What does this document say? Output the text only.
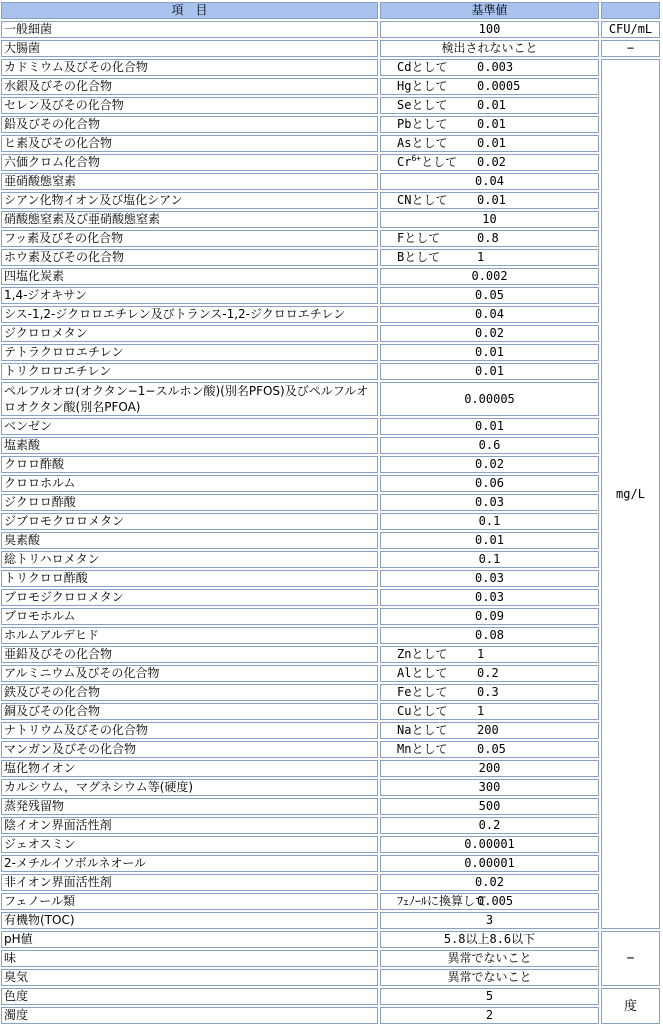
項　目	基準値	
一般細菌	100	CFU/mL
大腸菌	検出されないこと	−
カドミウム及びその化合物	Cdとして 0.003	mg/L
水銀及びその化合物	Hgとして 0.0005	
セレン及びその化合物	Seとして 0.01	
鉛及びその化合物	Pbとして 0.01	
ヒ素及びその化合物	Asとして 0.01	
六価クロム化合物	$Cr^{6+}$として 0.02	
亜硝酸態窒素	0.04	
シアン化物イオン及び塩化シアン	CNとして 0.01	
硝酸態窒素及び亜硝酸態窒素	10	
フッ素及びその化合物	Fとして 0.8	
ホウ素及びその化合物	Bとして 1	
四塩化炭素	0.002	
1,4-ジオキサン	0.05	
シス-1,2-ジクロロエチレン及びトランス-1,2-ジクロロエチレン	0.04	
ジクロロメタン	0.02	
テトラクロロエチレン	0.01	
トリクロロエチレン	0.01	
ペルフルオロ(オクタン−1−スルホン酸)(別名PFOS)及びペルフルオロオクタン酸(別名PFOA)	0.00005	
ベンゼン	0.01	
塩素酸	0.6	
クロロ酢酸	0.02	
クロロホルム	0.06	
ジクロロ酢酸	0.03	
ジブロモクロロメタン	0.1	
臭素酸	0.01	
総トリハロメタン	0.1	
トリクロロ酢酸	0.03	
ブロモジクロロメタン	0.03	
ブロモホルム	0.09	
ホルムアルデヒド	0.08	
亜鉛及びその化合物	Znとして 1	
アルミニウム及びその化合物	Alとして 0.2	
鉄及びその化合物	Feとして 0.3	
銅及びその化合物	Cuとして 1	
ナトリウム及びその化合物	Naとして 200	
マンガン及びその化合物	Mnとして 0.05	
塩化物イオン	200	
カルシウム，マグネシウム等(硬度)	300	
蒸発残留物	500	
陰イオン界面活性剤	0.2	
ジェオスミン	0.00001	
2-メチルイソボルネオール	0.00001	
非イオン界面活性剤	0.02	
フェノール類	ﾌｪﾉｰﾙに換算して0.005	
有機物(TOC)	3	
pH値	5.8以上8.6以下	−
味	異常でないこと	
臭気	異常でないこと	
色度	5	度
濁度	2	
